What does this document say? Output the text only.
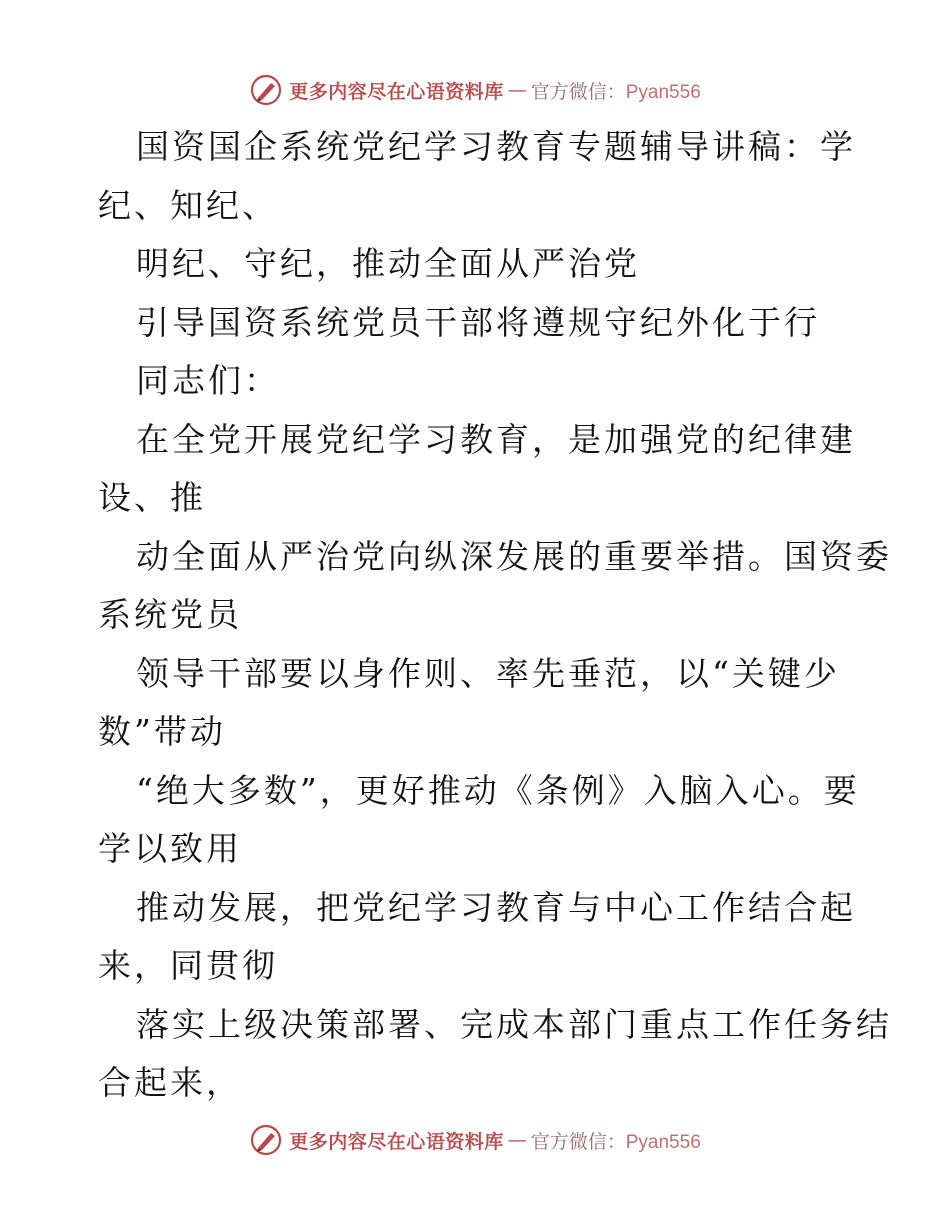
更多内容尽在心语资料库 — 官方微信：Pyan556
国资国企系统党纪学习教育专题辅导讲稿：学
纪、知纪、
明纪、守纪，推动全面从严治党
引导国资系统党员干部将遵规守纪外化于行
同志们：
在全党开展党纪学习教育，是加强党的纪律建
设、推
动全面从严治党向纵深发展的重要举措。国资委
系统党员
领导干部要以身作则、率先垂范，以“关键少
数”带动
“绝大多数”，更好推动《条例》入脑入心。要
学以致用
推动发展，把党纪学习教育与中心工作结合起
来，同贯彻
落实上级决策部署、完成本部门重点工作任务结
合起来，
更多内容尽在心语资料库 — 官方微信：Pyan556
